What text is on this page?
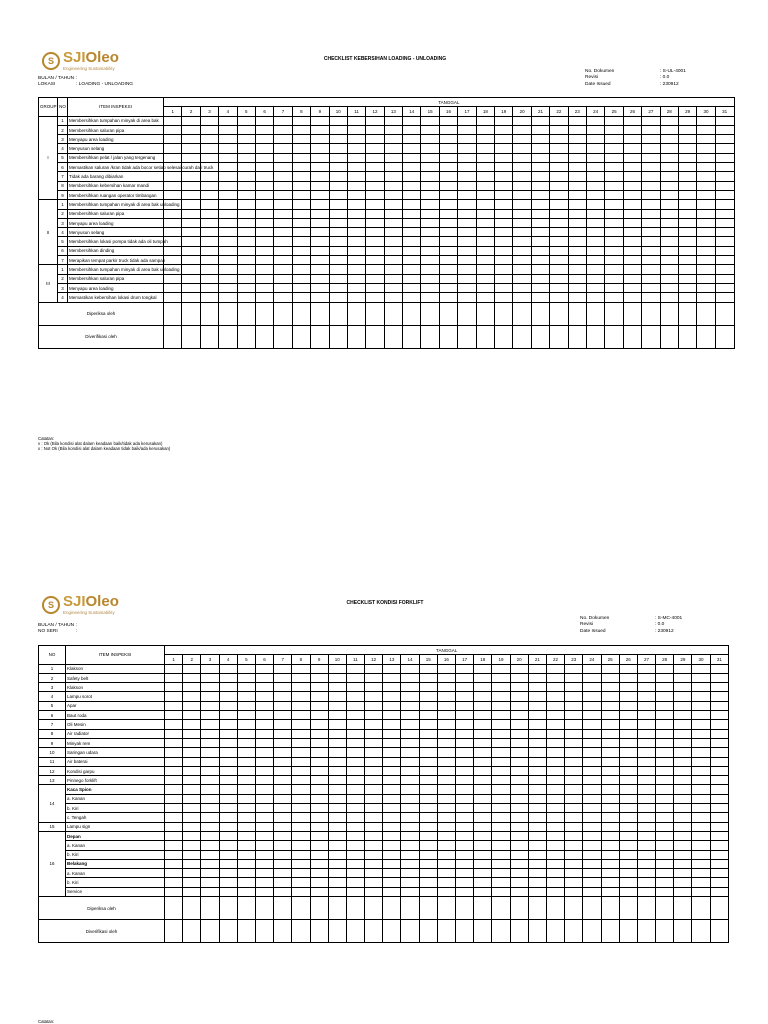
S SJIOleo
Engineering Sustainability
CHECKLIST KEBERSIHAN LOADING - UNLOADING
No. Dokumen	: S-UL-4001
Revisi	: 0.0
Date Issued	: 230912
BULAN / TAHUN :
LOKASI	: LOADING - UNLOADING
GROUP	NO	ITEM INSPEKSI	TANGGAL																														
			1	2	3	4	5	6	7	8	9	10	11	12	13	14	15	16	17	18	19	20	21	22	23	24	25	26	27	28	29	30	31
I	1	Membersihkan tumpahan minyak di area bak																															
	2	Membersihkan saluran pipa																															
	3	Menyapu area loading																															
	4	Menyusun selang																															
	5	Membersihkan pelat / jalan yang tergenang																															
	6	Memastikan saluran /kran tidak ada bocor setiap selesai curah dari truck																															
	7	Tidak ada barang dibiarkan																															
	8	Membersihkan kebersihan kamar mandi																															
	9	Membersihkan ruangan operator timbangan																															
II	1	Membersihkan tumpahan minyak di area bak unloading																															
	2	Membersihkan saluran pipa																															
	3	Menyapu area loading																															
	4	Menyusun selang																															
	5	Membersihkan lokasi pompa tidak ada oli tumpah																															
	6	Membersihkan dinding																															
	7	Merapikan tempat parkir truck tidak ada sampah																															
III	1	Membersihkan tumpahan minyak di area bak unloading																															
	2	Membersihkan saluran pipa																															
	3	Menyapu area loading																															
	4	Memastikan kebersihan lokasi drum tongkal																															
Diperiksa oleh																																	
Diverifikasi oleh																																	
Catatan:
v : Ok (Bila kondisi alat dalam keadaan baik/tidak ada kerusakan)
x : Not Ok (Bila kondisi alat dalam keadaan tidak baik/ada kerusakan)
S SJIOleo
Engineering Sustainability
CHECKLIST KONDISI FORKLIFT
No. Dokumen	: S-MC-4001
Revisi	: 0.0
Date Issued	: 230912
BULAN / TAHUN :
NO SERI	:
NO	ITEM INSPEKSI	TANGGAL																														
		1	2	3	4	5	6	7	8	9	10	11	12	13	14	15	16	17	18	19	20	21	22	23	24	25	26	27	28	29	30	31
1	Klakson																															
2	Safety belt																															
3	Klakson																															
4	Lampu sorot																															
5	Apar																															
6	Baut roda																															
7	Oli Mesin																															
8	Air radiator																															
9	Minyak rem																															
10	Saringan udara																															
11	Air baterai																															
12	Kondisi garpu																															
13	Pinnego forklift																															
14	Kaca Spion																															
	a. Kanan																															
	b. Kiri																															
	c. Tengah																															
15	Lampu sign																															
16	Depan																															
	a. Kanan																															
	b. Kiri																															
	Belakang																															
	a. Kanan																															
	b. Kiri																															
	Service																															
Diperiksa oleh																																
Diverifikasi oleh																																
Catatan:
